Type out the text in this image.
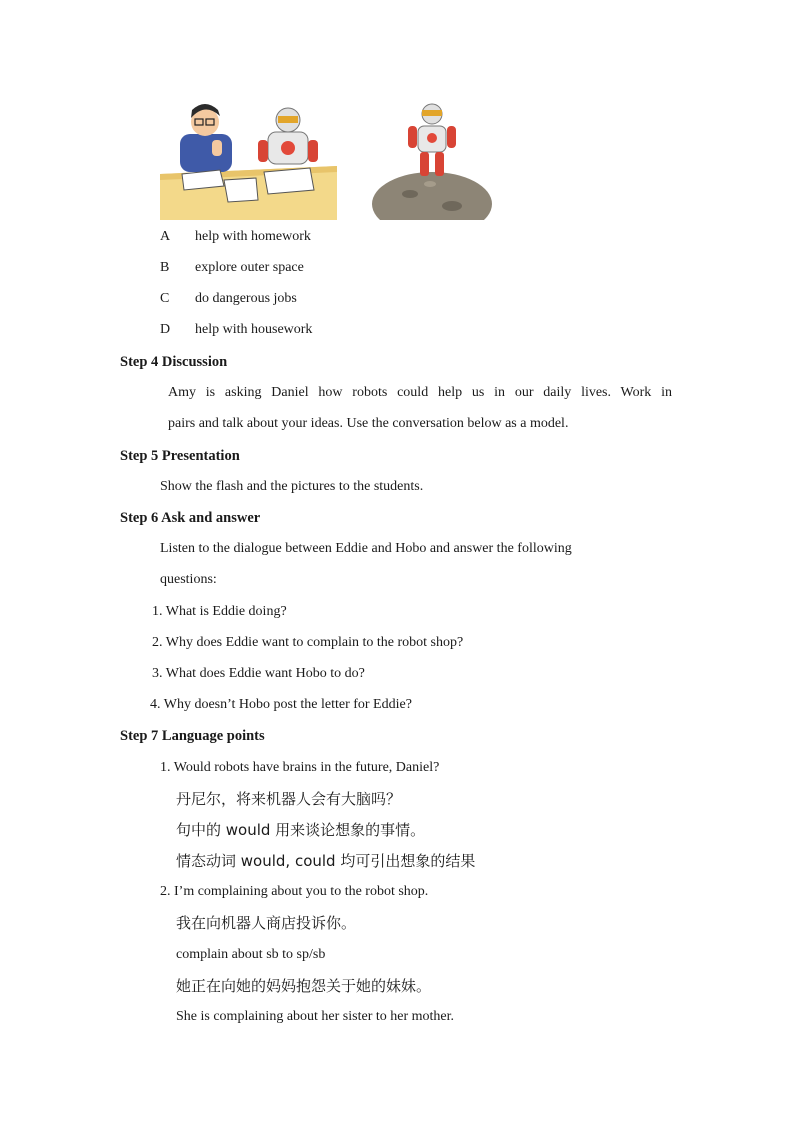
A help with homework
B explore outer space
C do dangerous jobs
D help with housework
Step 4 Discussion
Amy is asking Daniel how robots could help us in our daily lives. Work in
pairs and talk about your ideas. Use the conversation below as a model.
Step 5 Presentation
Show the flash and the pictures to the students.
Step 6 Ask and answer
Listen to the dialogue between Eddie and Hobo and answer the following
questions:
1. What is Eddie doing?
2. Why does Eddie want to complain to the robot shop?
3. What does Eddie want Hobo to do?
4. Why doesn’t Hobo post the letter for Eddie?
Step 7 Language points
1. Would robots have brains in the future, Daniel?
丹尼尔，将来机器人会有大脑吗？
句中的 would 用来谈论想象的事情。
情态动词 would, could 均可引出想象的结果
2. I’m complaining about you to the robot shop.
我在向机器人商店投诉你。
complain about sb to sp/sb
她正在向她的妈妈抱怨关于她的妹妹。
She is complaining about her sister to her mother.
